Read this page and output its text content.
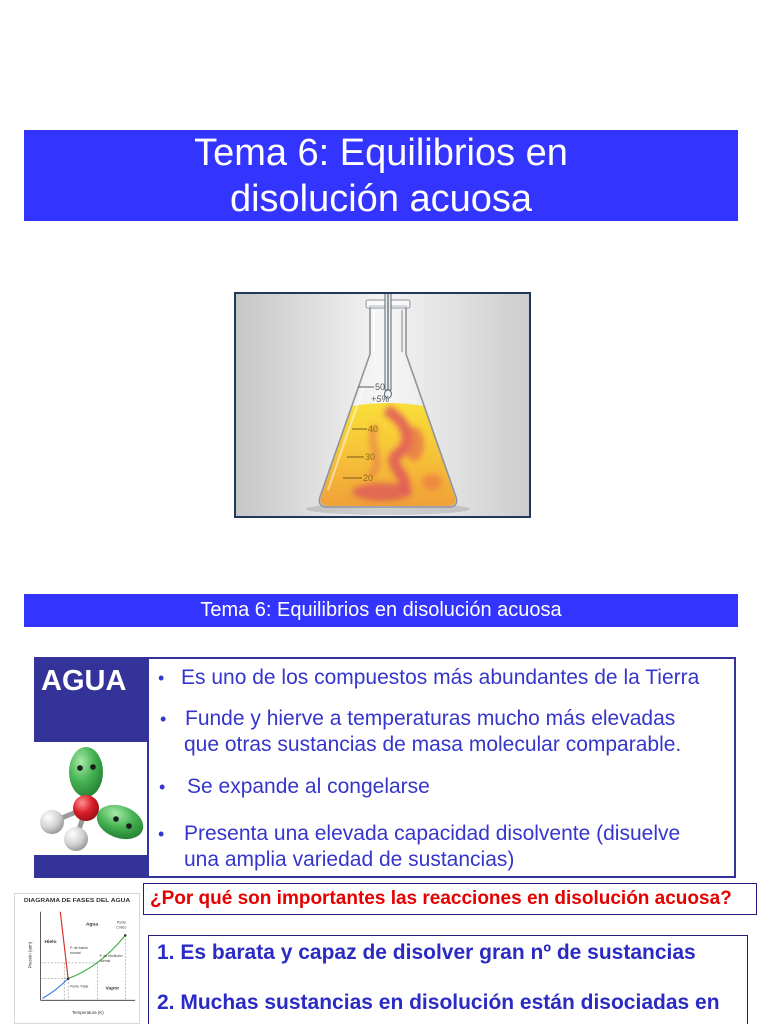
Tema 6: Equilibrios en
disolución acuosa
50
+5%
40
30
20
Tema 6: Equilibrios en disolución acuosa
AGUA • Es uno de los compuestos más abundantes de la Tierra
• Funde y hierve a temperaturas mucho más elevadas
que otras sustancias de masa molecular comparable.
• Se expande al congelarse
• Presenta una elevada capacidad disolvente (disuelve
una amplia variedad de sustancias)
DIAGRAMA DE FASES DEL AGUA
Presión (atm)
Temperatura (K)
Agua
Hielo
Vapor
Punto Triple
P. de fusión
normal
P. de ebullición
normal
Punto
Crítico
¿Por qué son importantes las reacciones en disolución acuosa?
1. Es barata y capaz de disolver gran nº de sustancias
2. Muchas sustancias en disolución están disociadas en
